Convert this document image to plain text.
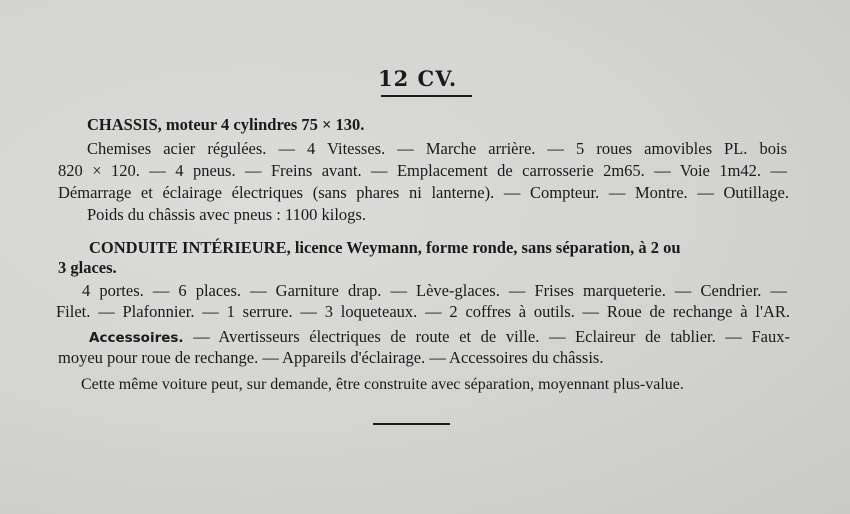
12 CV.
CHASSIS, moteur 4 cylindres 75 × 130.
Chemises acier régulées. — 4 Vitesses. — Marche arrière. — 5 roues amovibles PL. bois
820 × 120. — 4 pneus. — Freins avant. — Emplacement de carrosserie 2m65. — Voie 1m42. —
Démarrage et éclairage électriques (sans phares ni lanterne). — Compteur. — Montre. — Outillage.
Poids du châssis avec pneus : 1100 kilogs.
CONDUITE INTÉRIEURE, licence Weymann, forme ronde, sans séparation, à 2 ou
3 glaces.
4 portes. — 6 places. — Garniture drap. — Lève-glaces. — Frises marqueterie. — Cendrier. —
Filet. — Plafonnier. — 1 serrure. — 3 loqueteaux. — 2 coffres à outils. — Roue de rechange à l'AR.
Accessoires. — Avertisseurs électriques de route et de ville. — Eclaireur de tablier. — Faux-
moyeu pour roue de rechange. — Appareils d'éclairage. — Accessoires du châssis.
Cette même voiture peut, sur demande, être construite avec séparation, moyennant plus-value.
